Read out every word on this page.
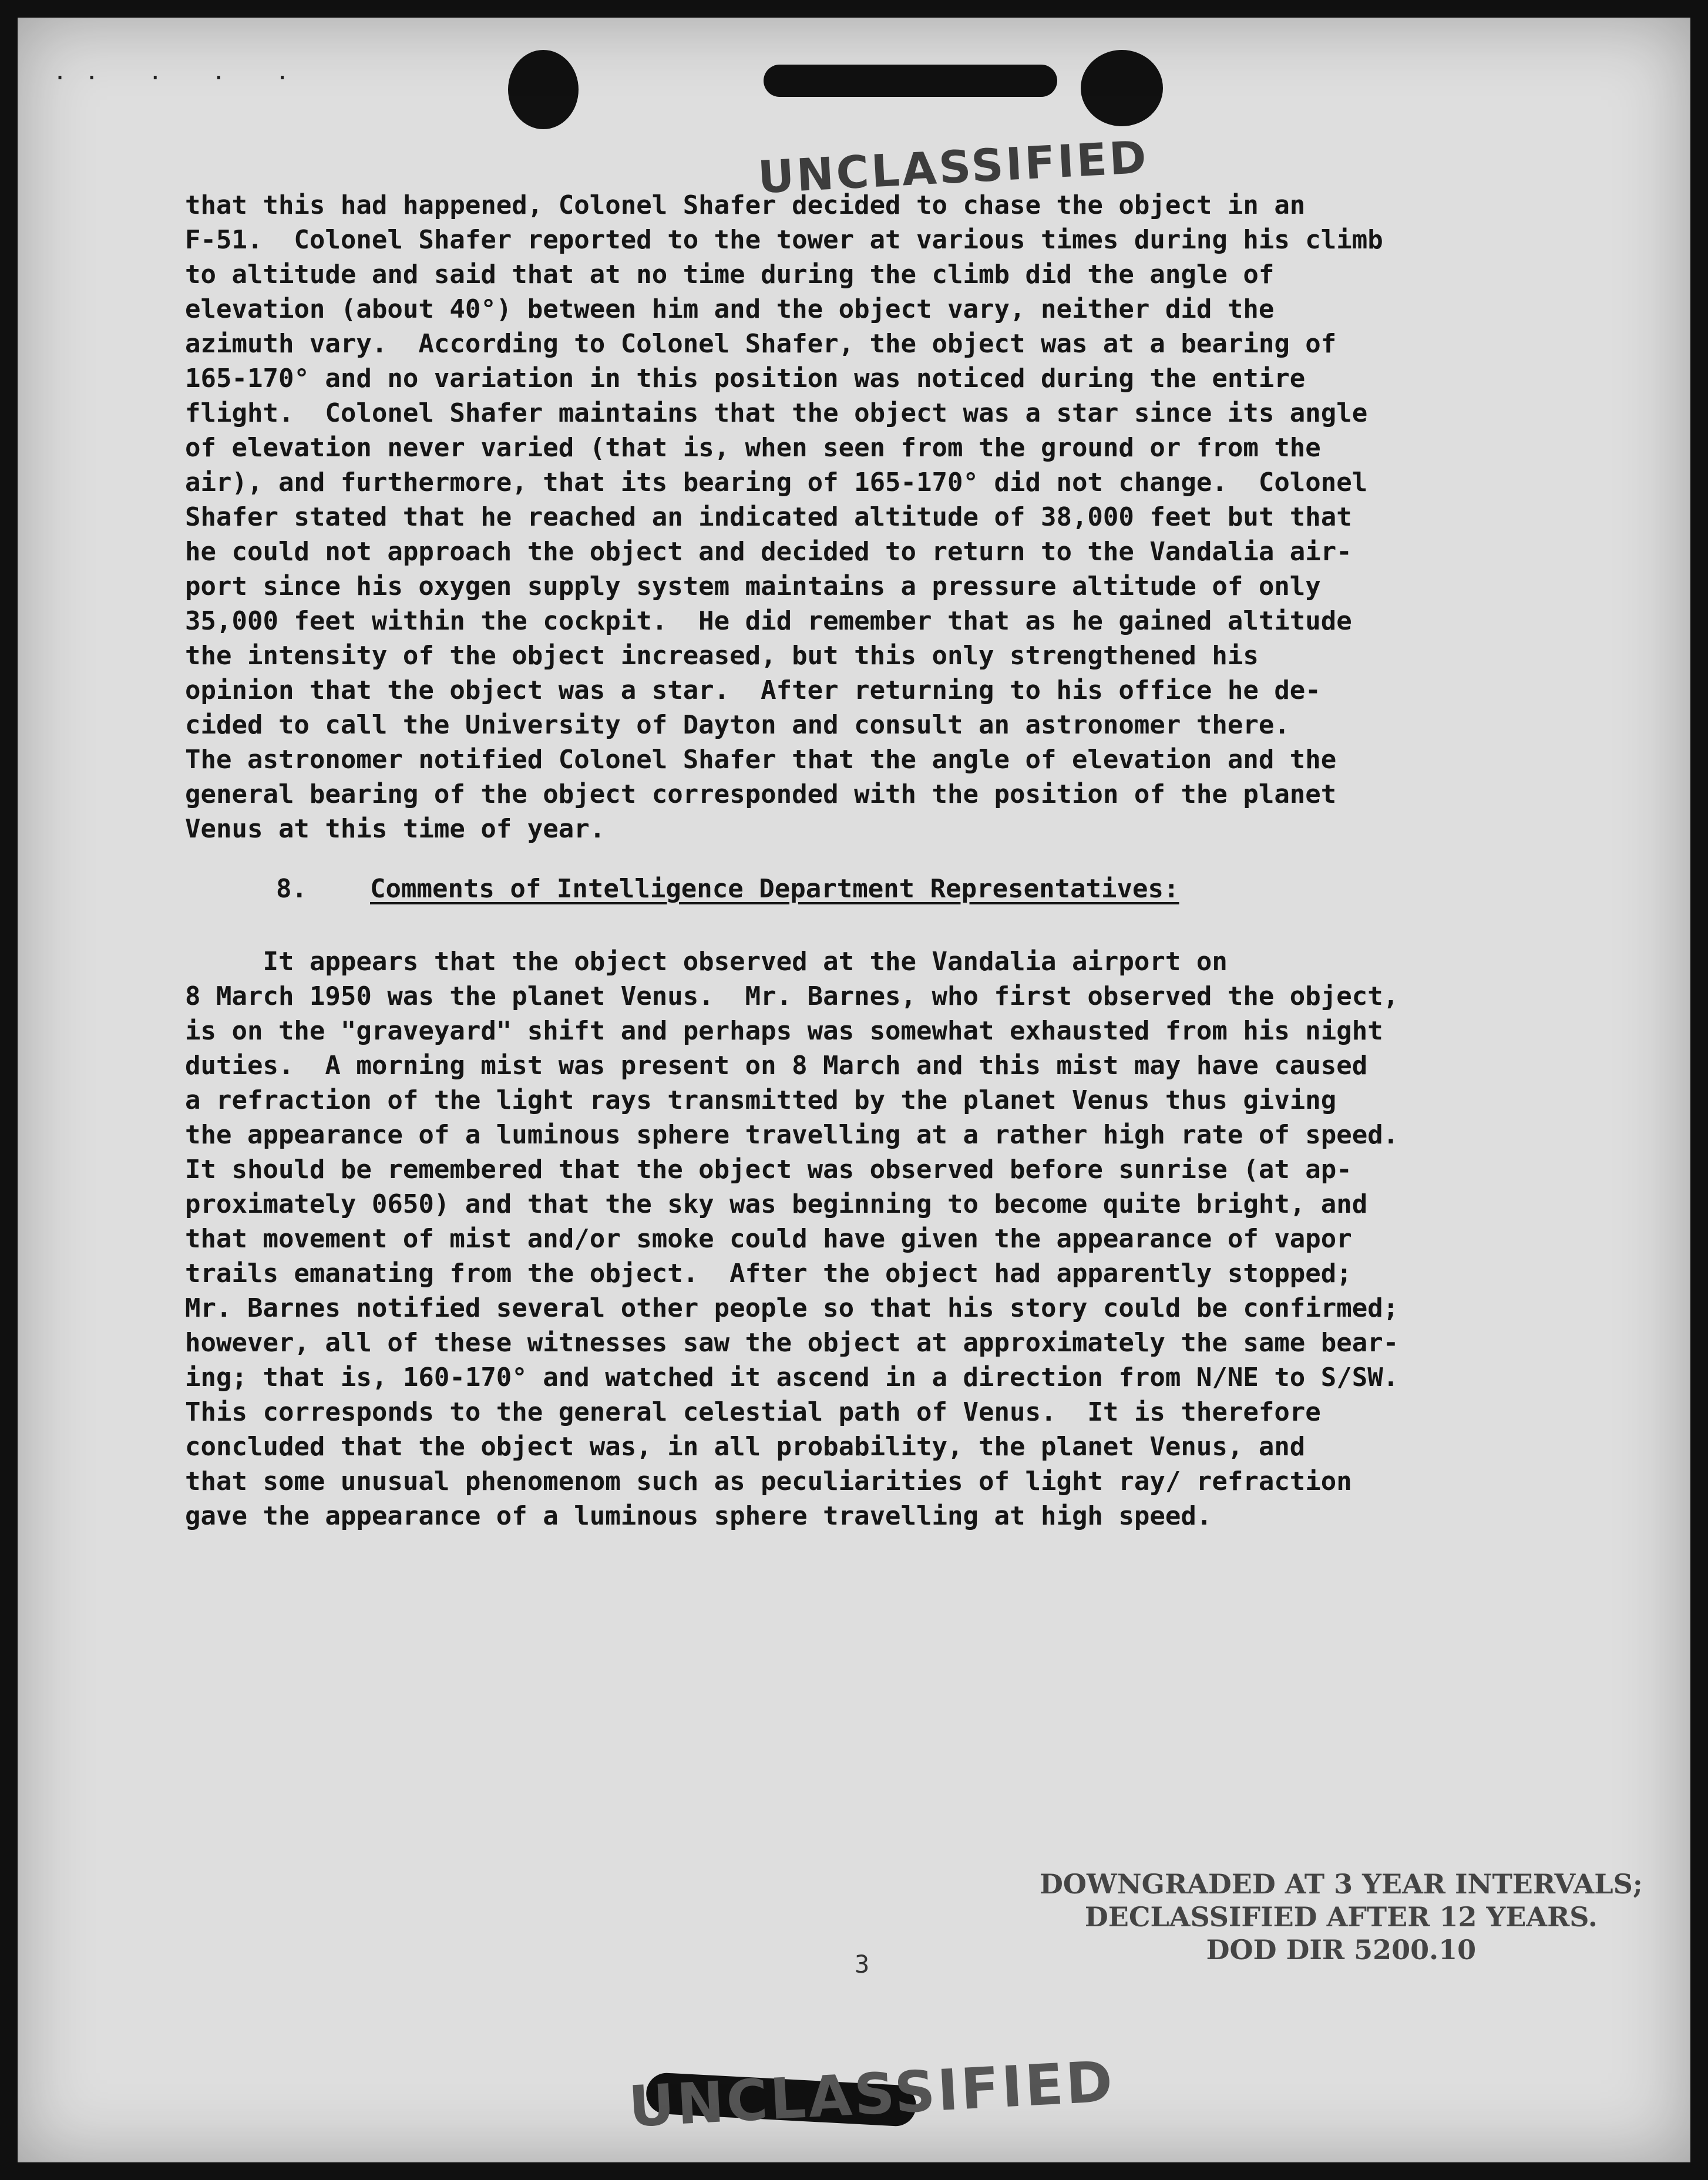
·· · · ·
UNCLASSIFIED
that this had happened, Colonel Shafer decided to chase the object in an
F-51.  Colonel Shafer reported to the tower at various times during his climb
to altitude and said that at no time during the climb did the angle of
elevation (about 40°) between him and the object vary, neither did the
azimuth vary.  According to Colonel Shafer, the object was at a bearing of
165-170° and no variation in this position was noticed during the entire
flight.  Colonel Shafer maintains that the object was a star since its angle
of elevation never varied (that is, when seen from the ground or from the
air), and furthermore, that its bearing of 165-170° did not change.  Colonel
Shafer stated that he reached an indicated altitude of 38,000 feet but that
he could not approach the object and decided to return to the Vandalia air-
port since his oxygen supply system maintains a pressure altitude of only
35,000 feet within the cockpit.  He did remember that as he gained altitude
the intensity of the object increased, but this only strengthened his
opinion that the object was a star.  After returning to his office he de-
cided to call the University of Dayton and consult an astronomer there.
The astronomer notified Colonel Shafer that the angle of elevation and the
general bearing of the object corresponded with the position of the planet
Venus at this time of year.
8. Comments of Intelligence Department Representatives:
It appears that the object observed at the Vandalia airport on
8 March 1950 was the planet Venus.  Mr. Barnes, who first observed the object,
is on the "graveyard" shift and perhaps was somewhat exhausted from his night
duties.  A morning mist was present on 8 March and this mist may have caused
a refraction of the light rays transmitted by the planet Venus thus giving
the appearance of a luminous sphere travelling at a rather high rate of speed.
It should be remembered that the object was observed before sunrise (at ap-
proximately 0650) and that the sky was beginning to become quite bright, and
that movement of mist and/or smoke could have given the appearance of vapor
trails emanating from the object.  After the object had apparently stopped;
Mr. Barnes notified several other people so that his story could be confirmed;
however, all of these witnesses saw the object at approximately the same bear-
ing; that is, 160-170° and watched it ascend in a direction from N/NE to S/SW.
This corresponds to the general celestial path of Venus.  It is therefore
concluded that the object was, in all probability, the planet Venus, and
that some unusual phenomenom such as peculiarities of light ray/ refraction
gave the appearance of a luminous sphere travelling at high speed.
DOWNGRADED AT 3 YEAR INTERVALS;
DECLASSIFIED AFTER 12 YEARS.
DOD DIR 5200.10
3
UNCLASSIFIED
